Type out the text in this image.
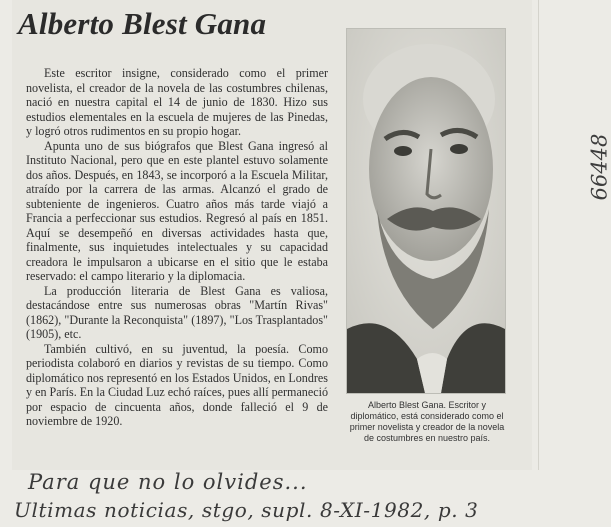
Alberto Blest Gana

Este escritor insigne, considerado como el primer novelista, el creador de la novela de las costumbres chilenas, nació en nuestra capital el 14 de junio de 1830. Hizo sus estudios elementales en la escuela de mujeres de las Pinedas, y logró otros rudimentos en su propio hogar.

Apunta uno de sus biógrafos que Blest Gana ingresó al Instituto Nacional, pero que en este plantel estuvo solamente dos años. Después, en 1843, se incorporó a la Escuela Militar, atraído por la carrera de las armas. Alcanzó el grado de subteniente de ingenieros. Cuatro años más tarde viajó a Francia a perfeccionar sus estudios. Regresó al país en 1851. Aquí se desempeñó en diversas actividades hasta que, finalmente, sus inquietudes intelectuales y su capacidad creadora le impulsaron a ubicarse en el sitio que le estaba reservado: el campo literario y la diplomacia.

La producción literaria de Blest Gana es valiosa, destacándose entre sus numerosas obras "Martín Rivas" (1862), "Durante la Reconquista" (1897), "Los Trasplantados" (1905), etc.

También cultivó, en su juventud, la poesía. Como periodista colaboró en diarios y revistas de su tiempo. Como diplomático nos representó en los Estados Unidos, en Londres y en París. En la Ciudad Luz echó raíces, pues allí permaneció por espacio de cincuenta años, donde falleció el 9 de noviembre de 1920.

Alberto Blest Gana. Escritor y diplomático, está considerado como el primer novelista y creador de la novela de costumbres en nuestro país.
66448
Para que no lo olvides...
Ultimas noticias, stgo, supl. 8-XI-1982, p. 3
